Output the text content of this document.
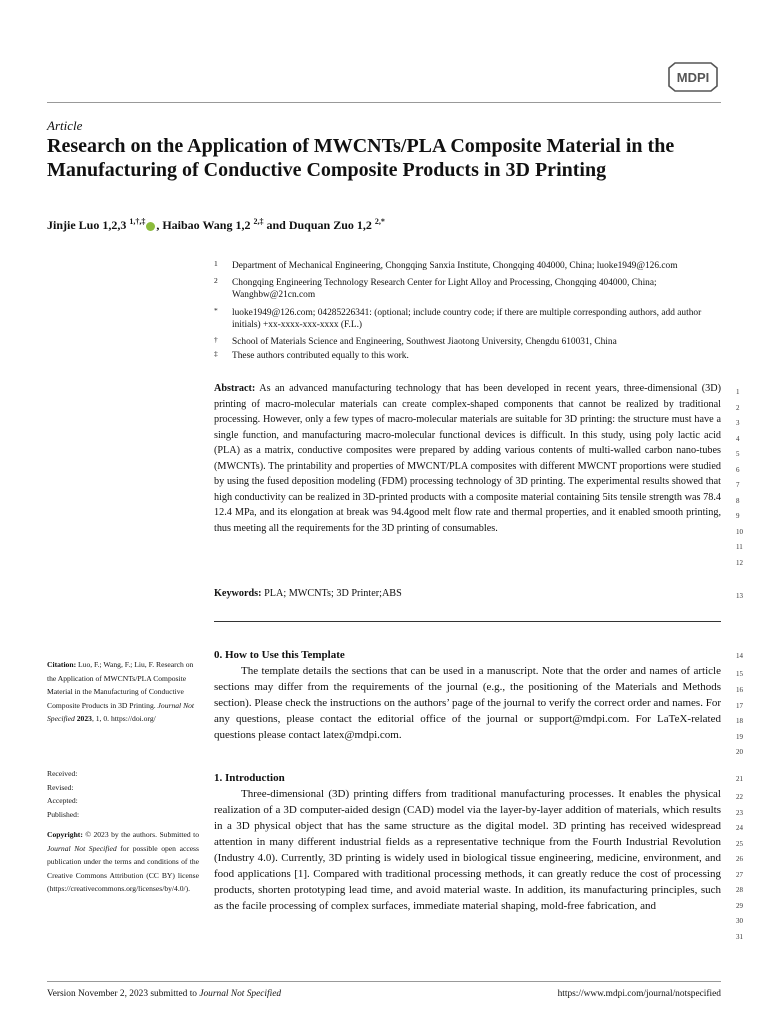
MDPI
Article
Research on the Application of MWCNTs/PLA Composite Material in the Manufacturing of Conductive Composite Products in 3D Printing
Jinjie Luo 1,2,3 $^{1,\dagger,\ddagger}$ , Haibao Wang 1,2 $^{2,\ddagger}$ and Duquan Zuo 1,2 $^{2,*}$
1 Department of Mechanical Engineering, Chongqing Sanxia Institute, Chongqing 404000, China; luoke1949@126.com
2 Chongqing Engineering Technology Research Center for Light Alloy and Processing, Chongqing 404000, China; Wanghbw@21cn.com
* luoke1949@126.com; 04285226341: (optional; include country code; if there are multiple corresponding authors, add author initials) +xx-xxxx-xxx-xxxx (F.L.)
† School of Materials Science and Engineering, Southwest Jiaotong University, Chengdu 610031, China
‡ These authors contributed equally to this work.
Abstract: As an advanced manufacturing technology that has been developed in recent years, three-dimensional (3D) printing of macro-molecular materials can create complex-shaped components that cannot be realized by traditional processing. However, only a few types of macro-molecular materials are suitable for 3D printing: the structure must have a single function, and manufacturing macro-molecular functional devices is difficult. In this study, using poly lactic acid (PLA) as a matrix, conductive composites were prepared by adding various contents of multi-walled carbon nano-tubes (MWCNTs). The printability and properties of MWCNT/PLA composites with different MWCNT proportions were studied by using the fused deposition modeling (FDM) processing technology of 3D printing. The experimental results showed that high conductivity can be realized in 3D-printed products with a composite material containing 5its tensile strength was 78.4 12.4 MPa, and its elongation at break was 94.4good melt flow rate and thermal properties, and it enabled smooth printing, thus meeting all the requirements for the 3D printing of consumables.
Keywords: PLA; MWCNTs; 3D Printer;ABS
0. How to Use this Template

The template details the sections that can be used in a manuscript. Note that the order and names of article sections may differ from the requirements of the journal (e.g., the positioning of the Materials and Methods section). Please check the instructions on the authors’ page of the journal to verify the correct order and names. For any questions, please contact the editorial office of the journal or support@mdpi.com. For LaTeX-related questions please contact latex@mdpi.com.

1. Introduction

Three-dimensional (3D) printing differs from traditional manufacturing processes. It enables the physical realization of a 3D computer-aided design (CAD) model via the layer-by-layer addition of materials, which results in a 3D physical object that has the same structure as the digital model. 3D printing has received widespread attention in many different industrial fields as a representative technique from the Fourth Industrial Revolution (Industry 4.0). Currently, 3D printing is widely used in biological tissue engineering, medicine, environment, and food applications [1]. Compared with traditional processing methods, it can greatly reduce the cost of processing products, shorten prototyping lead time, and avoid material waste. In addition, its manufacturing principles, such as the facile processing of complex surfaces, immediate material shaping, mold-free fabrication, and

1
2
3
4
5
6
7
8
9
10
11
12
13
14
15
16
17
18
19
20
21
22
23
24
25
26
27
28
29
30
31
Citation: Luo, F.; Wang, F.; Liu, F. Research on the Application of MWCNTs/PLA Composite Material in the Manufacturing of Conductive Composite Products in 3D Printing. Journal Not Specified 2023, 1, 0. https://doi.org/
Received:
Revised:
Accepted:
Published:
Copyright: © 2023 by the authors. Submitted to Journal Not Specified for possible open access publication under the terms and conditions of the Creative Commons Attribution (CC BY) license (https://creativecommons.org/licenses/by/4.0/).
Version November 2, 2023 submitted to Journal Not Specified	https://www.mdpi.com/journal/notspecified
